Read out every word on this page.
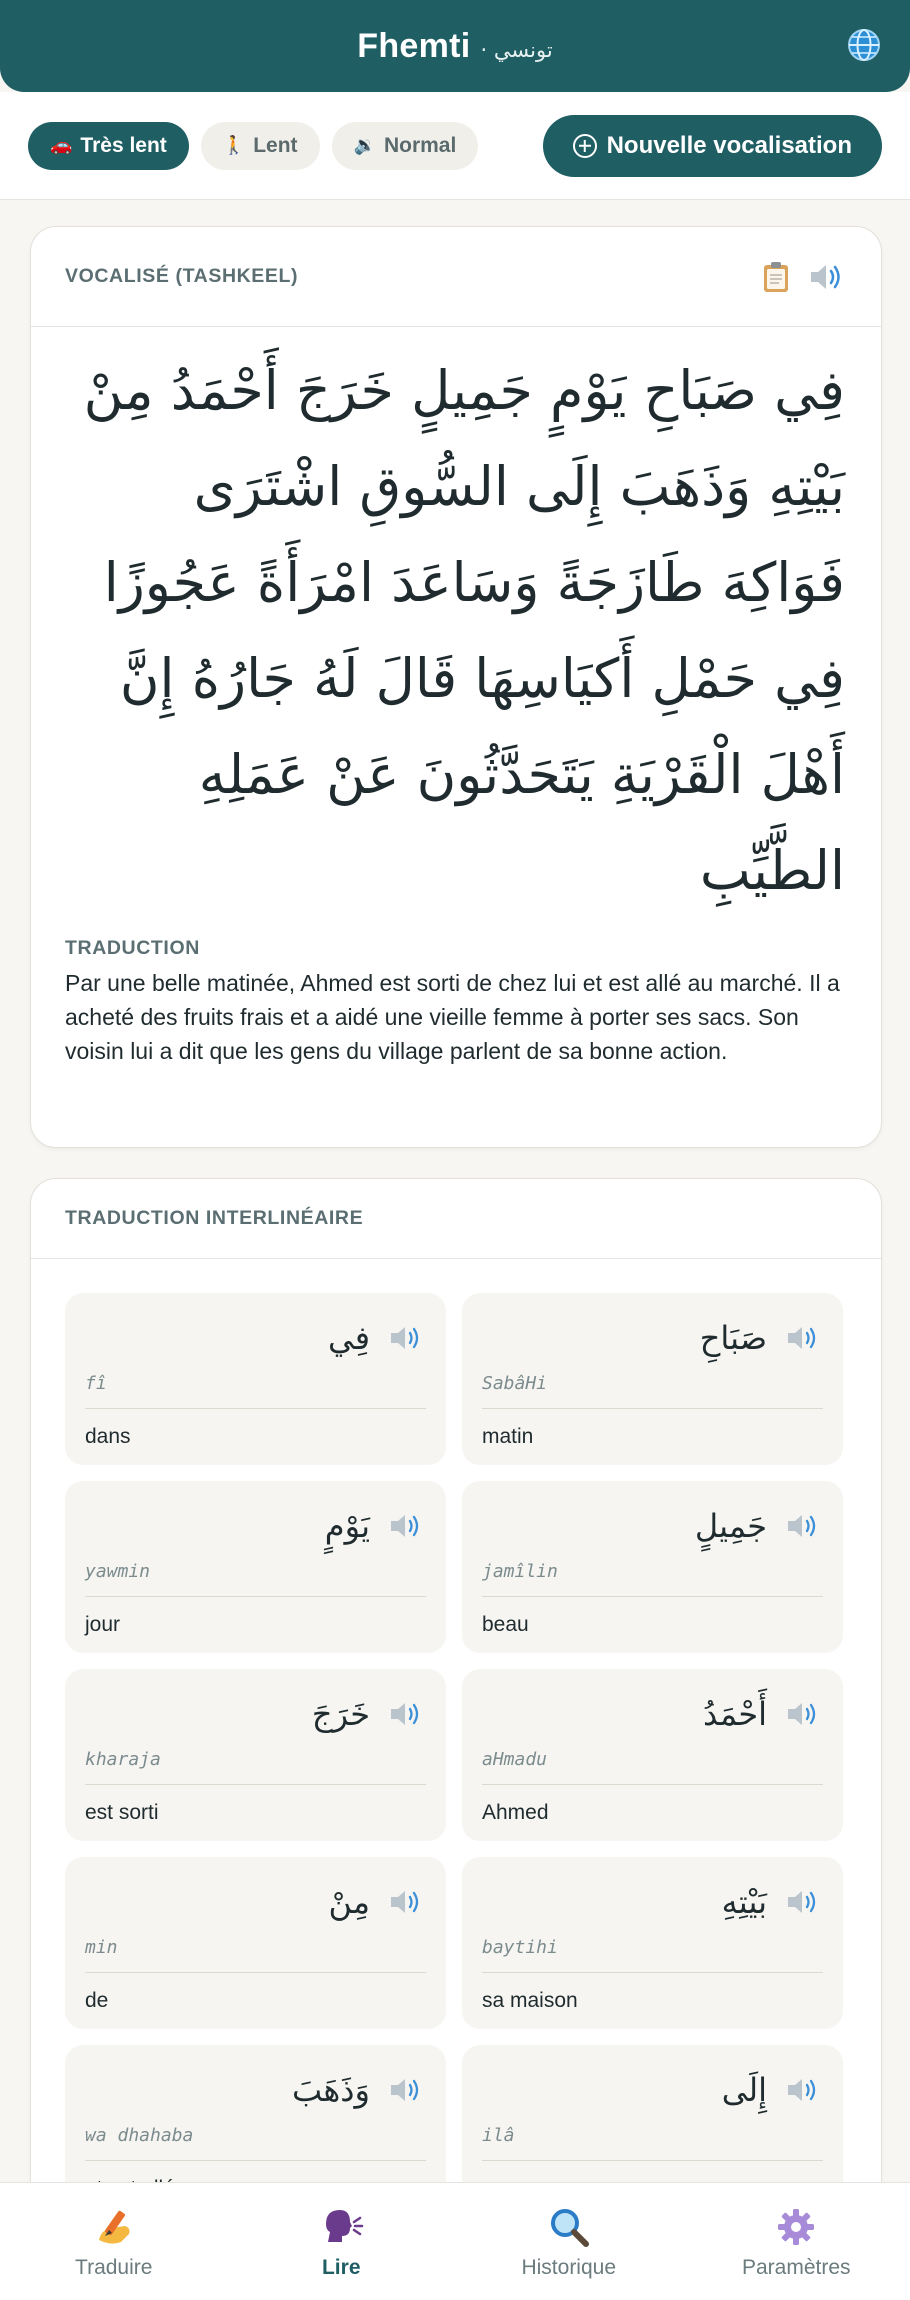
Fhemti · تونسي
🚗 Très lent	🚶 Lent	🔉 Normal	Nouvelle vocalisation
VOCALISÉ (TASHKEEL)
فِي صَبَاحِ يَوْمٍ جَمِيلٍ خَرَجَ أَحْمَدُ مِنْ بَيْتِهِ وَذَهَبَ إِلَى السُّوقِ اشْتَرَى فَوَاكِهَ طَازَجَةً وَسَاعَدَ امْرَأَةً عَجُوزًا فِي حَمْلِ أَكيَاسِهَا قَالَ لَهُ جَارُهُ إِنَّ أَهْلَ الْقَرْيَةِ يَتَحَدَّثُونَ عَنْ عَمَلِهِ الطَّيِّبِ
TRADUCTION
Par une belle matinée, Ahmed est sorti de chez lui et est allé au marché. Il a acheté des fruits frais et a aidé une vieille femme à porter ses sacs. Son voisin lui a dit que les gens du village parlent de sa bonne action.
TRADUCTION INTERLINÉAIRE
فِي
fî
dans
صَبَاحِ
SabâHi
matin
يَوْمٍ
yawmin
jour
جَمِيلٍ
jamîlin
beau
خَرَجَ
kharaja
est sorti
أَحْمَدُ
aHmadu
Ahmed
مِنْ
min
de
بَيْتِهِ
baytihi
sa maison
وَذَهَبَ
wa dhahaba
إِلَى
ilâ
Traduire	Lire	Historique	Paramètres
